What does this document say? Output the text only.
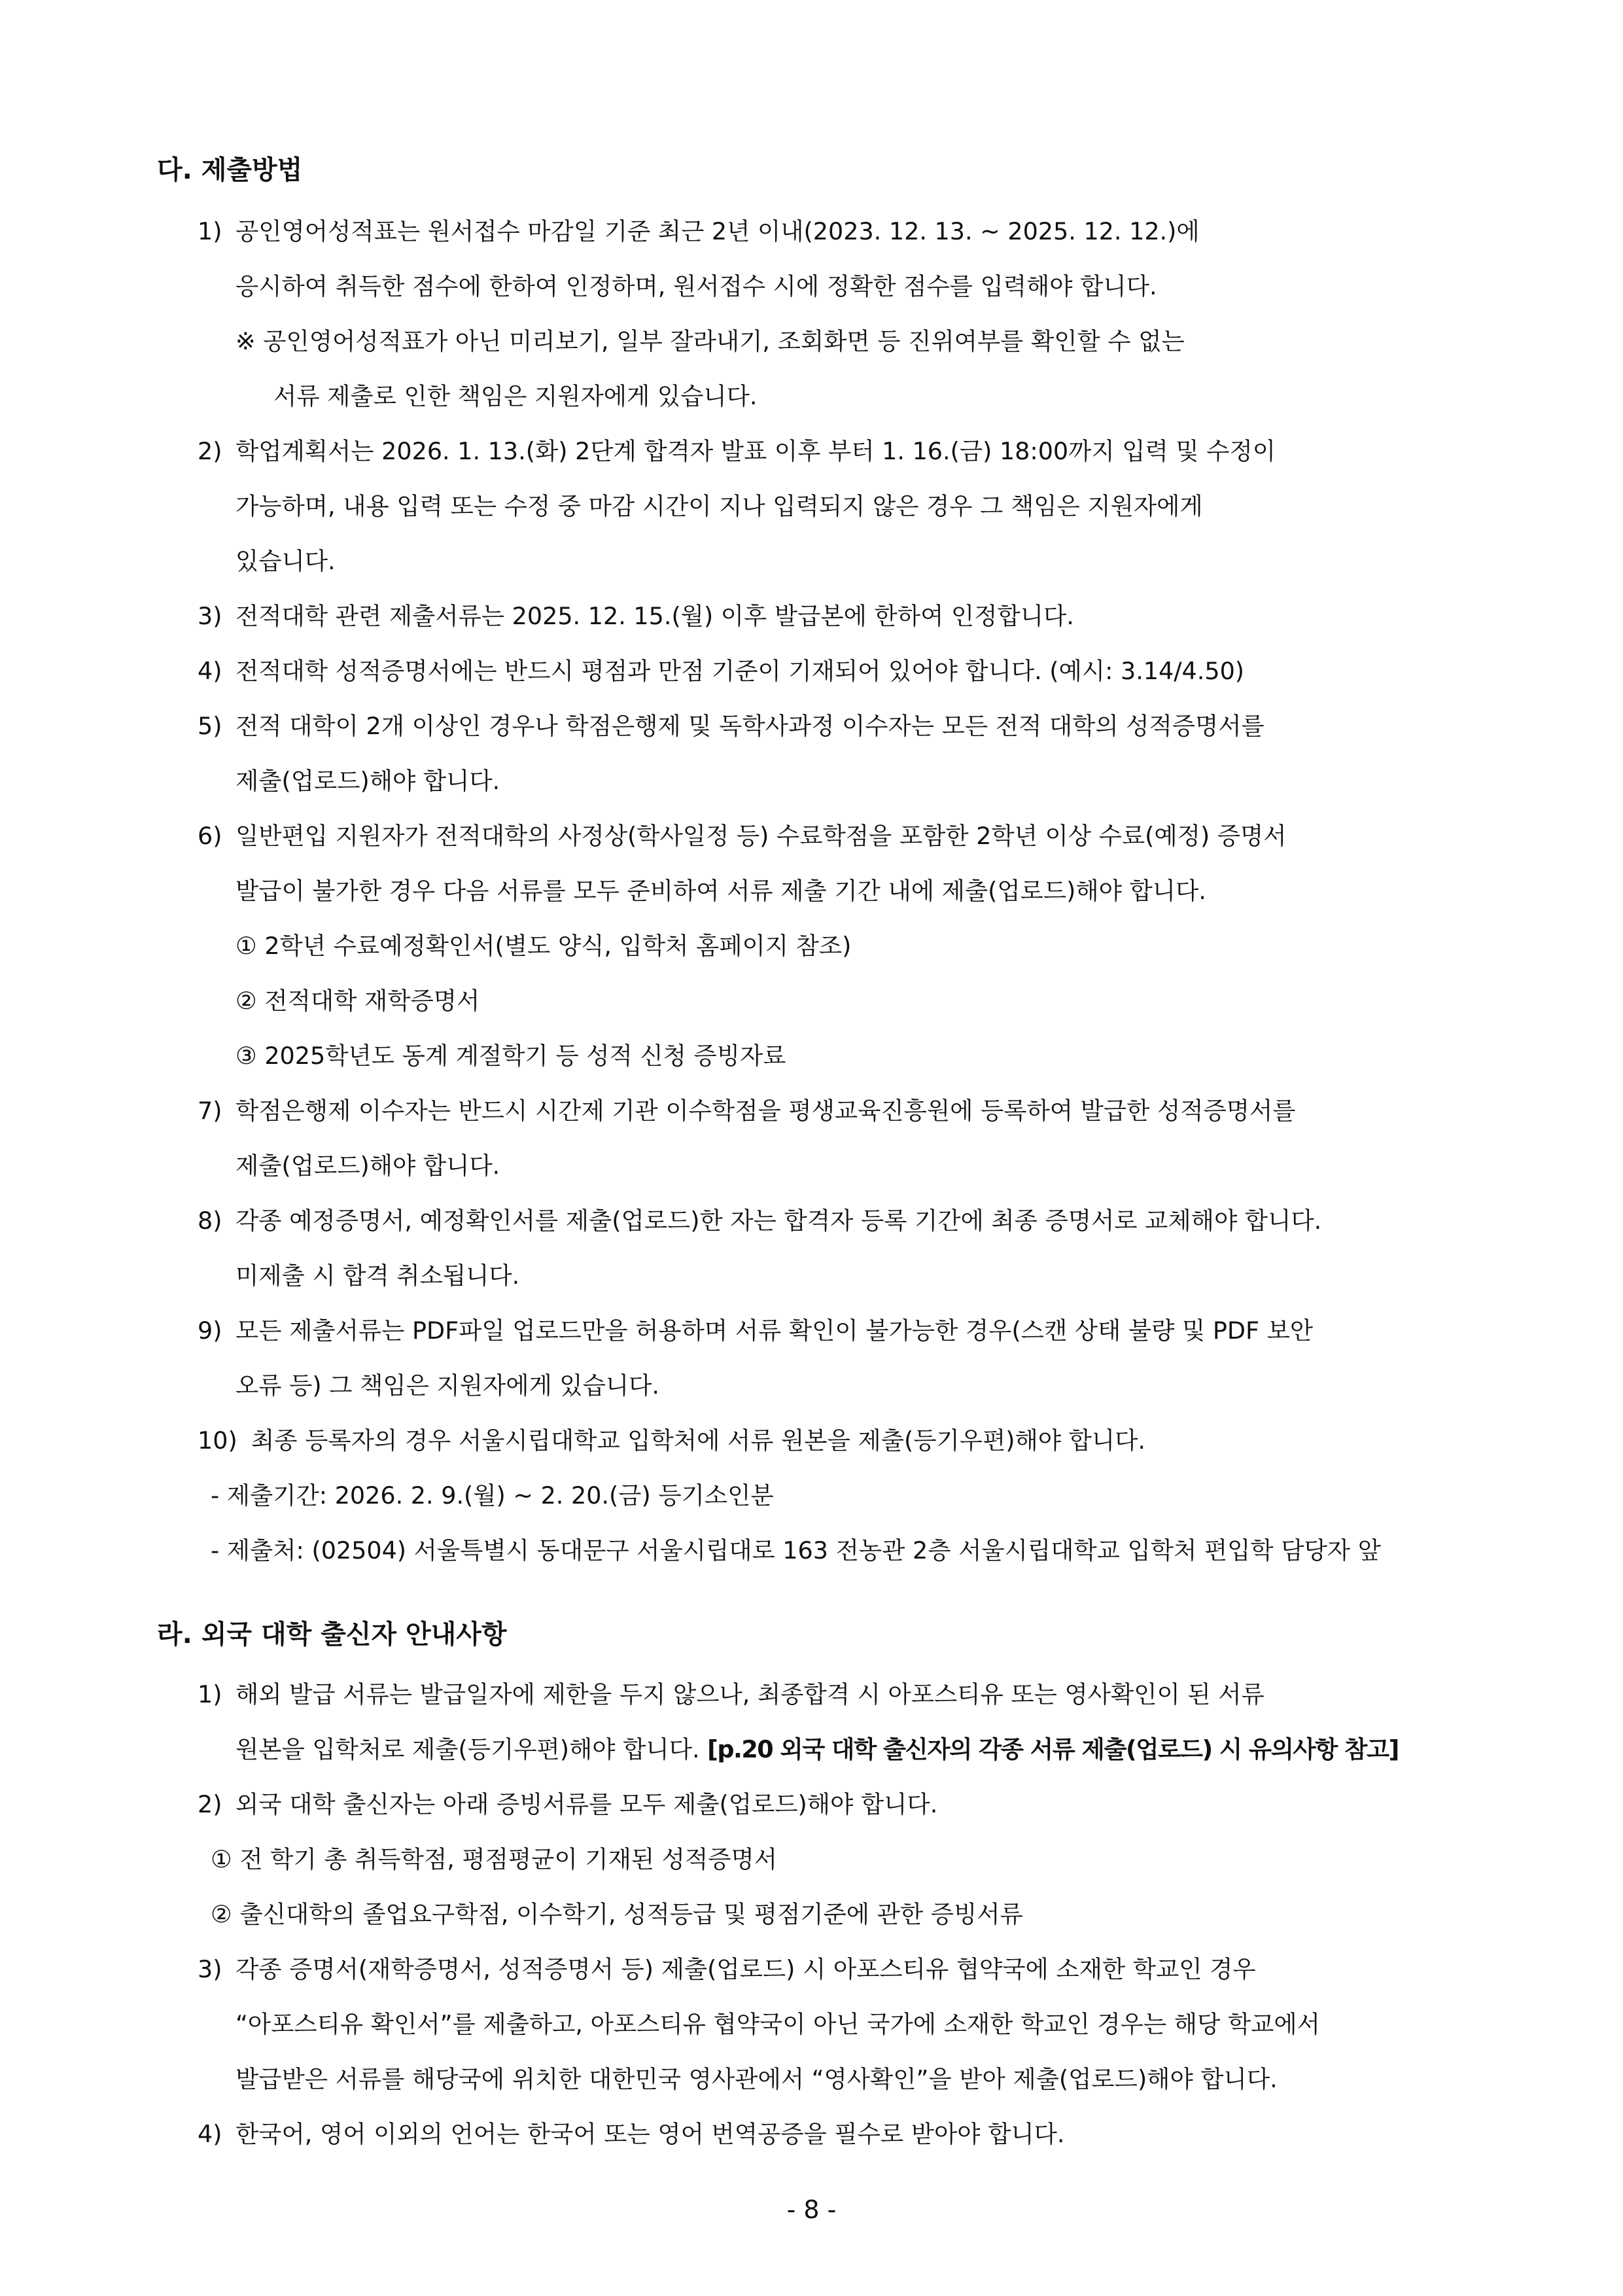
다. 제출방법
1) 공인영어성적표는 원서접수 마감일 기준 최근 2년 이내(2023. 12. 13. ~ 2025. 12. 12.)에
응시하여 취득한 점수에 한하여 인정하며, 원서접수 시에 정확한 점수를 입력해야 합니다.
※ 공인영어성적표가 아닌 미리보기, 일부 잘라내기, 조회화면 등 진위여부를 확인할 수 없는
서류 제출로 인한 책임은 지원자에게 있습니다.
2) 학업계획서는 2026. 1. 13.(화) 2단계 합격자 발표 이후 부터 1. 16.(금) 18:00까지 입력 및 수정이
가능하며, 내용 입력 또는 수정 중 마감 시간이 지나 입력되지 않은 경우 그 책임은 지원자에게
있습니다.
3) 전적대학 관련 제출서류는 2025. 12. 15.(월) 이후 발급본에 한하여 인정합니다.
4) 전적대학 성적증명서에는 반드시 평점과 만점 기준이 기재되어 있어야 합니다. (예시: 3.14/4.50)
5) 전적 대학이 2개 이상인 경우나 학점은행제 및 독학사과정 이수자는 모든 전적 대학의 성적증명서를
제출(업로드)해야 합니다.
6) 일반편입 지원자가 전적대학의 사정상(학사일정 등) 수료학점을 포함한 2학년 이상 수료(예정) 증명서
발급이 불가한 경우 다음 서류를 모두 준비하여 서류 제출 기간 내에 제출(업로드)해야 합니다.
① 2학년 수료예정확인서(별도 양식, 입학처 홈페이지 참조)
② 전적대학 재학증명서
③ 2025학년도 동계 계절학기 등 성적 신청 증빙자료
7) 학점은행제 이수자는 반드시 시간제 기관 이수학점을 평생교육진흥원에 등록하여 발급한 성적증명서를
제출(업로드)해야 합니다.
8) 각종 예정증명서, 예정확인서를 제출(업로드)한 자는 합격자 등록 기간에 최종 증명서로 교체해야 합니다.
미제출 시 합격 취소됩니다.
9) 모든 제출서류는 PDF파일 업로드만을 허용하며 서류 확인이 불가능한 경우(스캔 상태 불량 및 PDF 보안
오류 등) 그 책임은 지원자에게 있습니다.
10) 최종 등록자의 경우 서울시립대학교 입학처에 서류 원본을 제출(등기우편)해야 합니다.
- 제출기간: 2026. 2. 9.(월) ~ 2. 20.(금) 등기소인분
- 제출처: (02504) 서울특별시 동대문구 서울시립대로 163 전농관 2층 서울시립대학교 입학처 편입학 담당자 앞
라. 외국 대학 출신자 안내사항
1) 해외 발급 서류는 발급일자에 제한을 두지 않으나, 최종합격 시 아포스티유 또는 영사확인이 된 서류
원본을 입학처로 제출(등기우편)해야 합니다. [p.20 외국 대학 출신자의 각종 서류 제출(업로드) 시 유의사항 참고]
2) 외국 대학 출신자는 아래 증빙서류를 모두 제출(업로드)해야 합니다.
① 전 학기 총 취득학점, 평점평균이 기재된 성적증명서
② 출신대학의 졸업요구학점, 이수학기, 성적등급 및 평점기준에 관한 증빙서류
3) 각종 증명서(재학증명서, 성적증명서 등) 제출(업로드) 시 아포스티유 협약국에 소재한 학교인 경우
“아포스티유 확인서”를 제출하고, 아포스티유 협약국이 아닌 국가에 소재한 학교인 경우는 해당 학교에서
발급받은 서류를 해당국에 위치한 대한민국 영사관에서 “영사확인”을 받아 제출(업로드)해야 합니다.
4) 한국어, 영어 이외의 언어는 한국어 또는 영어 번역공증을 필수로 받아야 합니다.
- 8 -
